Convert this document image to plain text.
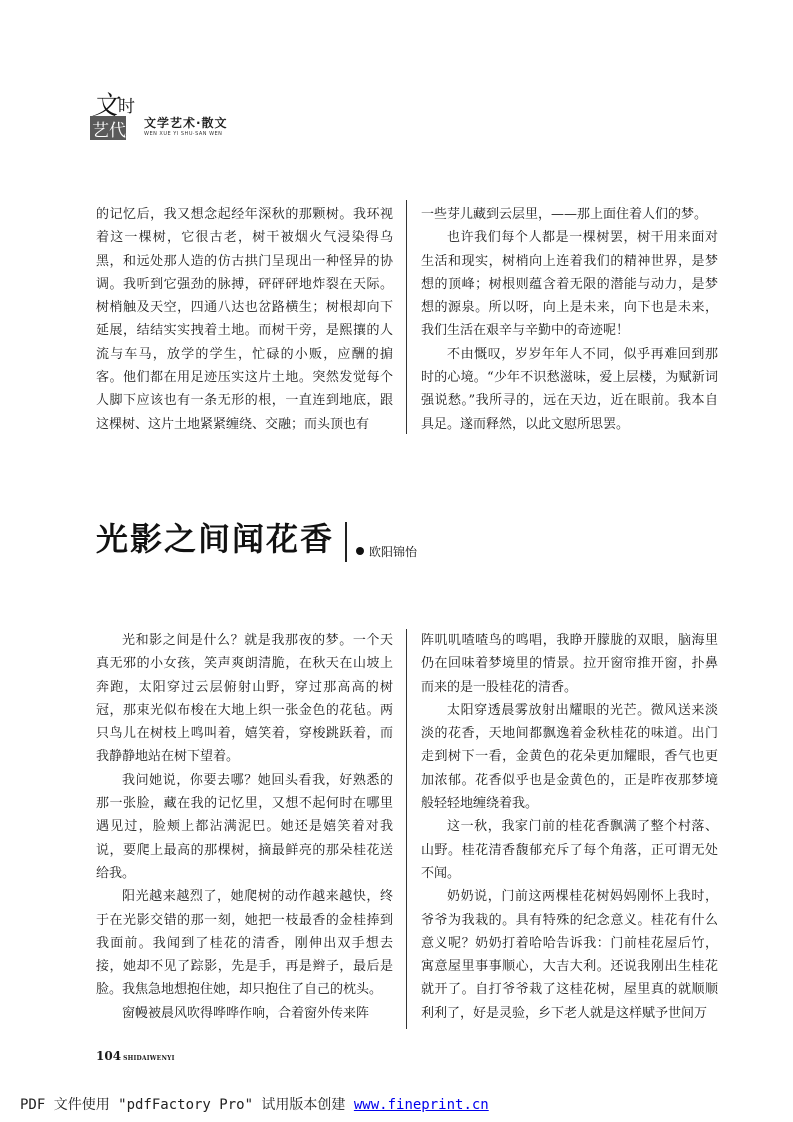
文 时
艺代 文学艺术·散文
WEN XUE YI SHU·SAN WEN

的记忆后，我又想念起经年深秋的那颗树。我环视着这一棵树，它很古老，树干被烟火气浸染得乌黑，和远处那人造的仿古拱门呈现出一种怪异的协调。我听到它强劲的脉搏，砰砰砰地炸裂在天际。树梢触及天空，四通八达也岔路横生；树根却向下延展，结结实实拽着土地。而树干旁，是熙攘的人流与车马，放学的学生，忙碌的小贩，应酬的掮客。他们都在用足迹压实这片土地。突然发觉每个人脚下应该也有一条无形的根，一直连到地底，跟这棵树、这片土地紧紧缠绕、交融；而头顶也有

一些芽儿藏到云层里，——那上面住着人们的梦。

也许我们每个人都是一棵树罢，树干用来面对生活和现实，树梢向上连着我们的精神世界，是梦想的顶峰；树根则蕴含着无限的潜能与动力，是梦想的源泉。所以呀，向上是未来，向下也是未来，我们生活在艰辛与辛勤中的奇迹呢！

不由慨叹，岁岁年年人不同，似乎再难回到那时的心境。“少年不识愁滋味，爱上层楼，为赋新词强说愁。”我所寻的，远在天边，近在眼前。我本自具足。遂而释然，以此文慰所思罢。

光影之间闻花香	欧阳锦怡

光和影之间是什么？就是我那夜的梦。一个天真无邪的小女孩，笑声爽朗清脆，在秋天在山坡上奔跑，太阳穿过云层俯射山野，穿过那高高的树冠，那束光似布梭在大地上织一张金色的花毡。两只鸟儿在树枝上鸣叫着，嬉笑着，穿梭跳跃着，而我静静地站在树下望着。

我问她说，你要去哪？她回头看我，好熟悉的那一张脸，藏在我的记忆里，又想不起何时在哪里遇见过，脸颊上都沾满泥巴。她还是嬉笑着对我说，要爬上最高的那棵树，摘最鲜亮的那朵桂花送给我。

阳光越来越烈了，她爬树的动作越来越快，终于在光影交错的那一刻，她把一枝最香的金桂捧到我面前。我闻到了桂花的清香，刚伸出双手想去接，她却不见了踪影，先是手，再是辫子，最后是脸。我焦急地想抱住她，却只抱住了自己的枕头。

窗幔被晨风吹得哗哗作响，合着窗外传来阵

阵叽叽喳喳鸟的鸣唱，我睁开朦胧的双眼，脑海里仍在回味着梦境里的情景。拉开窗帘推开窗，扑鼻而来的是一股桂花的清香。

太阳穿透晨雾放射出耀眼的光芒。微风送来淡淡的花香，天地间都飘逸着金秋桂花的味道。出门走到树下一看，金黄色的花朵更加耀眼，香气也更加浓郁。花香似乎也是金黄色的，正是昨夜那梦境般轻轻地缠绕着我。

这一秋，我家门前的桂花香飘满了整个村落、山野。桂花清香馥郁充斥了每个角落，正可谓无处不闻。

奶奶说，门前这两棵桂花树妈妈刚怀上我时，爷爷为我栽的。具有特殊的纪念意义。桂花有什么意义呢？奶奶打着哈哈告诉我：门前桂花屋后竹，寓意屋里事事顺心，大吉大利。还说我刚出生桂花就开了。自打爷爷栽了这桂花树，屋里真的就顺顺利利了，好是灵验，乡下老人就是这样赋予世间万

104 SHIDAIWENYI
PDF 文件使用 "pdfFactory Pro" 试用版本创建 www.fineprint.cn
